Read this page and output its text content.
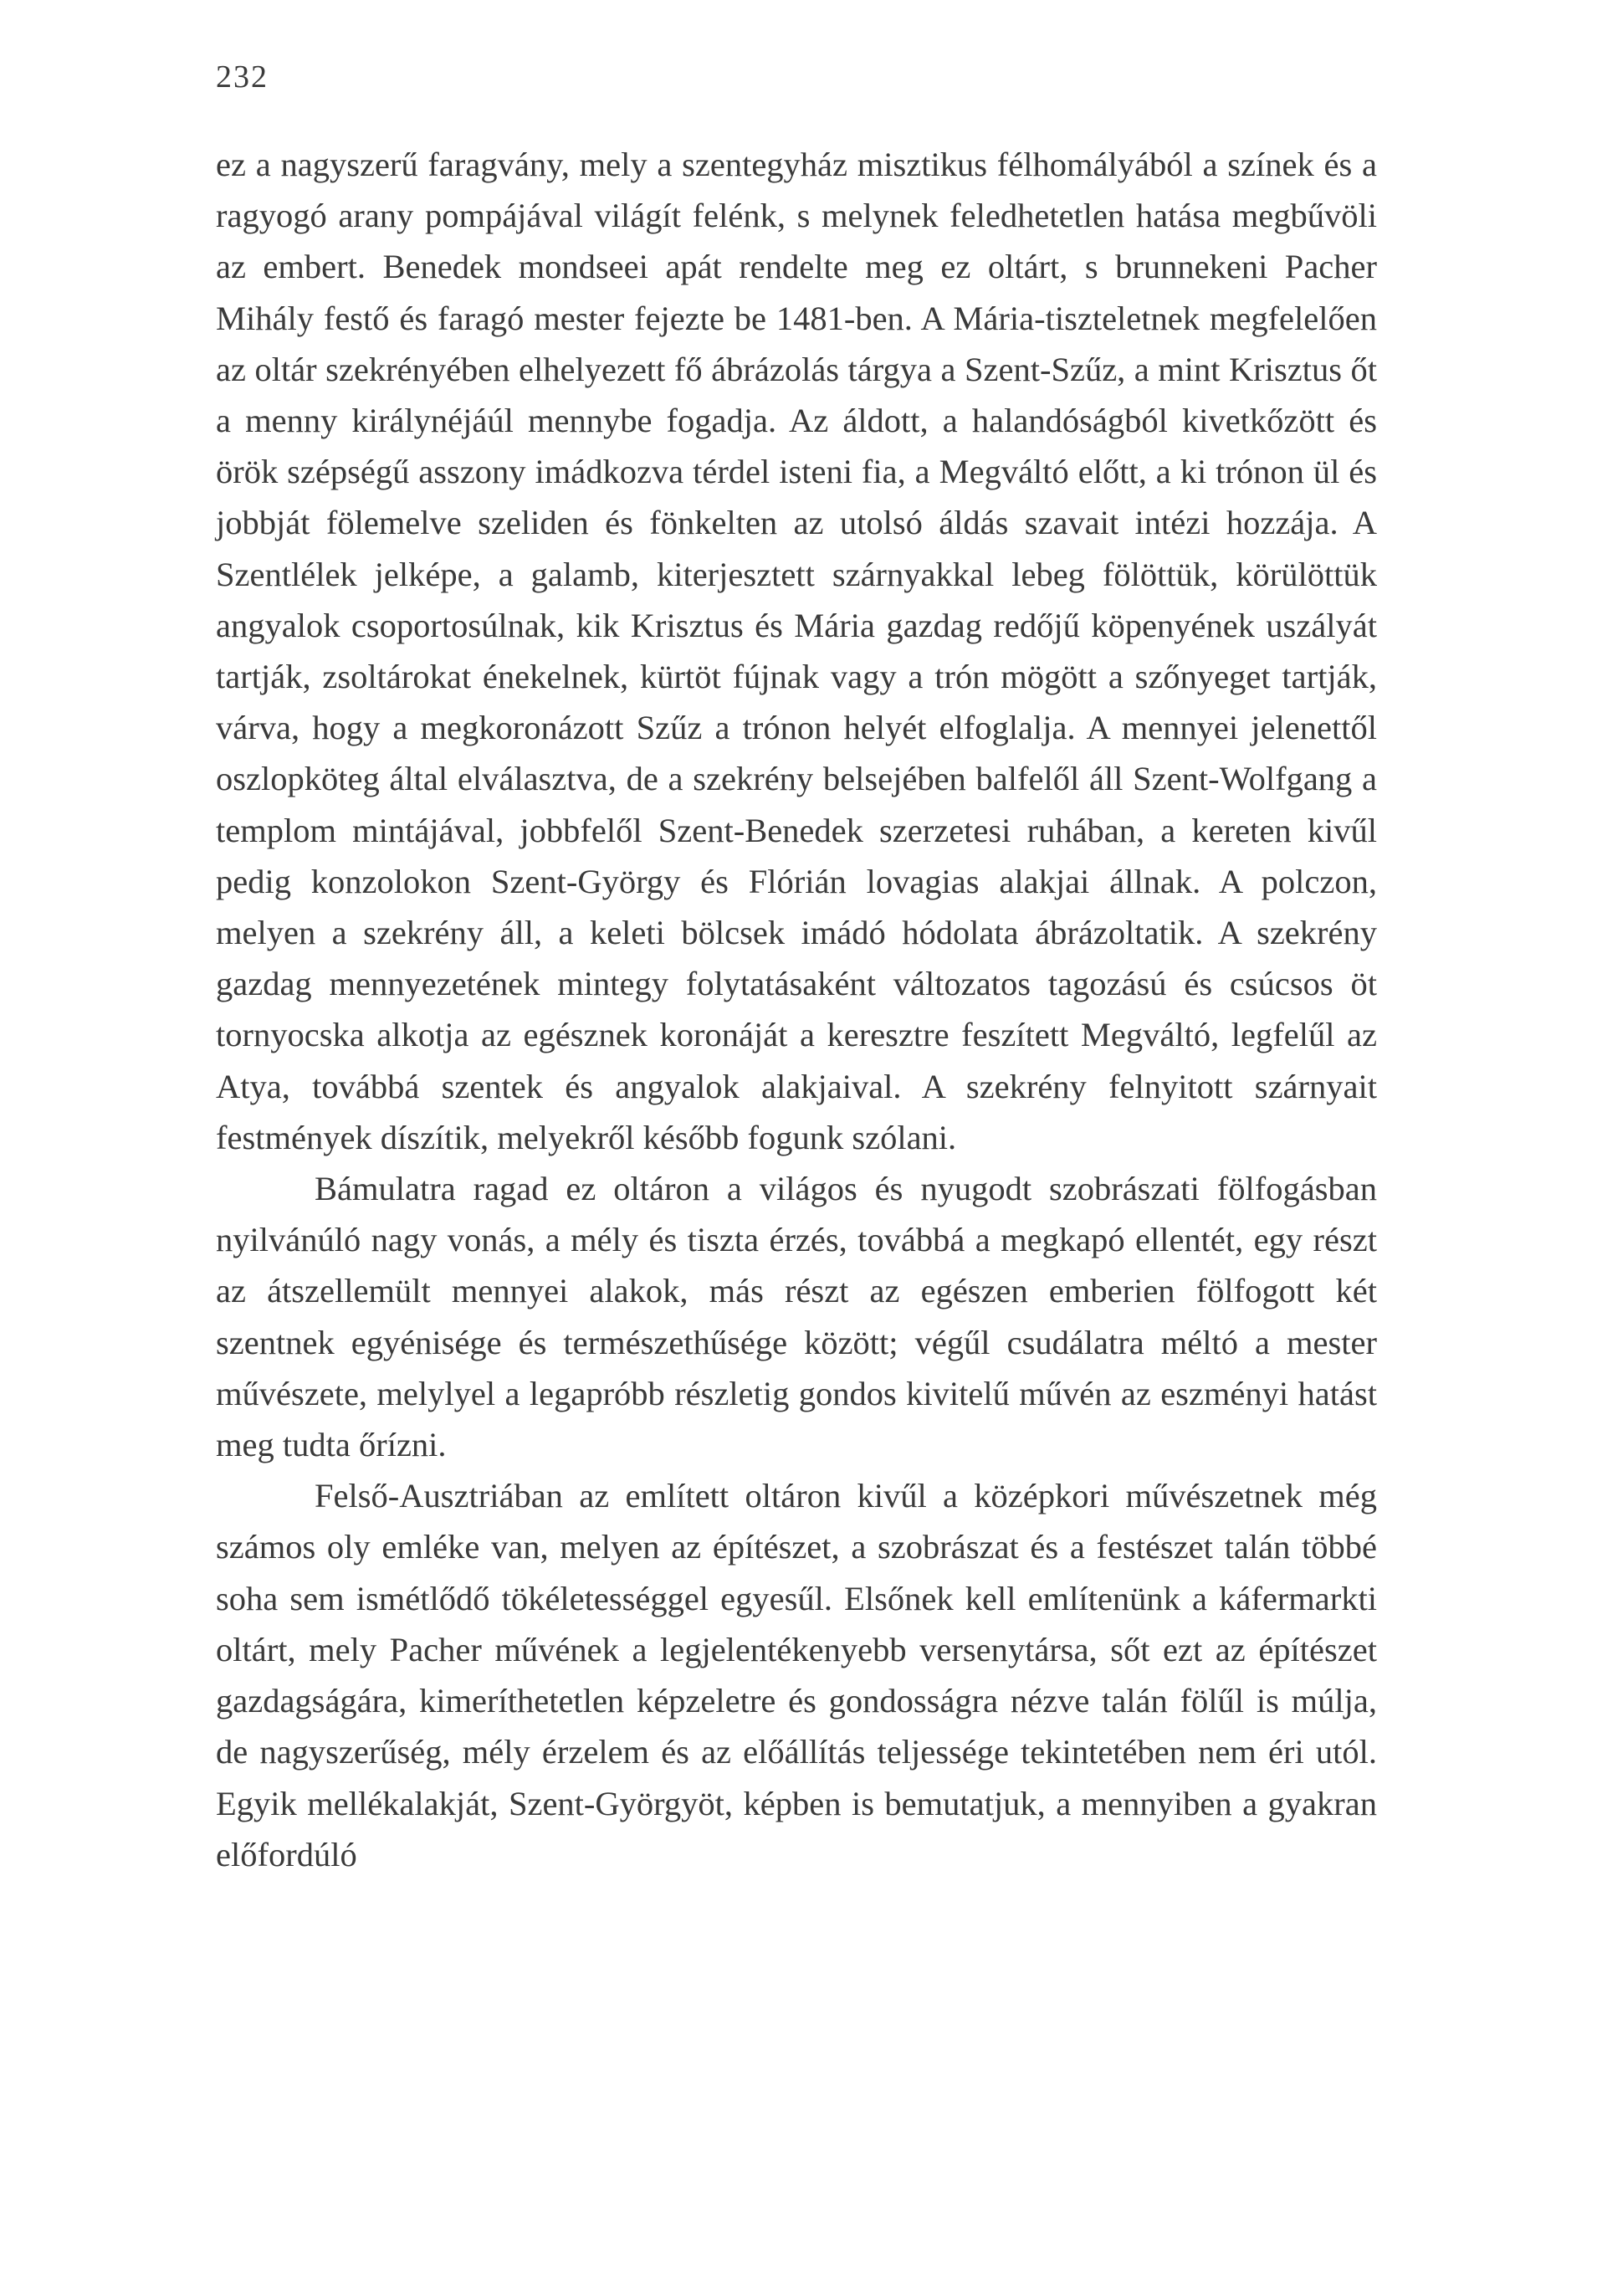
232

ez a nagyszerű faragvány, mely a szentegyház misztikus félhomályából a színek és a ragyogó arany pompájával világít felénk, s melynek feledhetetlen hatása megbűvöli az embert. Benedek mondseei apát rendelte meg ez oltárt, s brunnekeni Pacher Mihály festő és faragó mester fejezte be 1481-ben. A Mária-tiszteletnek megfelelően az oltár szekrényében elhelyezett fő ábrázolás tárgya a Szent-Szűz, a mint Krisztus őt a menny királynéjáúl mennybe fogadja. Az áldott, a halandóságból kivetkőzött és örök szépségű asszony imádkozva térdel isteni fia, a Megváltó előtt, a ki trónon ül és jobbját fölemelve szeliden és fönkelten az utolsó áldás szavait intézi hozzája. A Szentlélek jelképe, a galamb, kiterjesztett szárnyakkal lebeg fölöttük, körülöttük angyalok csoportosúlnak, kik Krisztus és Mária gazdag redőjű köpenyének uszályát tartják, zsoltárokat énekelnek, kürtöt fújnak vagy a trón mögött a szőnyeget tartják, várva, hogy a megkoronázott Szűz a trónon helyét elfoglalja. A mennyei jelenettől oszlopköteg által elválasztva, de a szekrény belsejében balfelől áll Szent-Wolfgang a templom mintájával, jobbfelől Szent-Benedek szerzetesi ruhában, a kereten kivűl pedig konzolokon Szent-György és Flórián lovagias alakjai állnak. A polczon, melyen a szekrény áll, a keleti bölcsek imádó hódolata ábrázoltatik. A szekrény gazdag mennyezetének mintegy folytatásaként változatos tagozású és csúcsos öt tornyocska alkotja az egésznek koronáját a keresztre feszített Megváltó, legfelűl az Atya, továbbá szentek és angyalok alakjaival. A szekrény felnyitott szárnyait festmények díszítik, melyekről később fogunk szólani.

Bámulatra ragad ez oltáron a világos és nyugodt szobrászati fölfogásban nyilvánúló nagy vonás, a mély és tiszta érzés, továbbá a megkapó ellentét, egy részt az átszellemült mennyei alakok, más részt az egészen emberien fölfogott két szentnek egyénisége és természethűsége között; végűl csudálatra méltó a mester művészete, melylyel a legapróbb részletig gondos kivitelű művén az eszményi hatást meg tudta őrízni.

Felső-Ausztriában az említett oltáron kivűl a középkori művészetnek még számos oly emléke van, melyen az építészet, a szobrászat és a festészet talán többé soha sem ismétlődő tökéletességgel egyesűl. Elsőnek kell említenünk a káfermarkti oltárt, mely Pacher művének a legjelentékenyebb versenytársa, sőt ezt az építészet gazdagságára, kimeríthetetlen képzeletre és gondosságra nézve talán fölűl is múlja, de nagyszerűség, mély érzelem és az előállítás teljessége tekintetében nem éri utól. Egyik mellékalakját, Szent-Györgyöt, képben is bemutatjuk, a mennyiben a gyakran előfordúló
